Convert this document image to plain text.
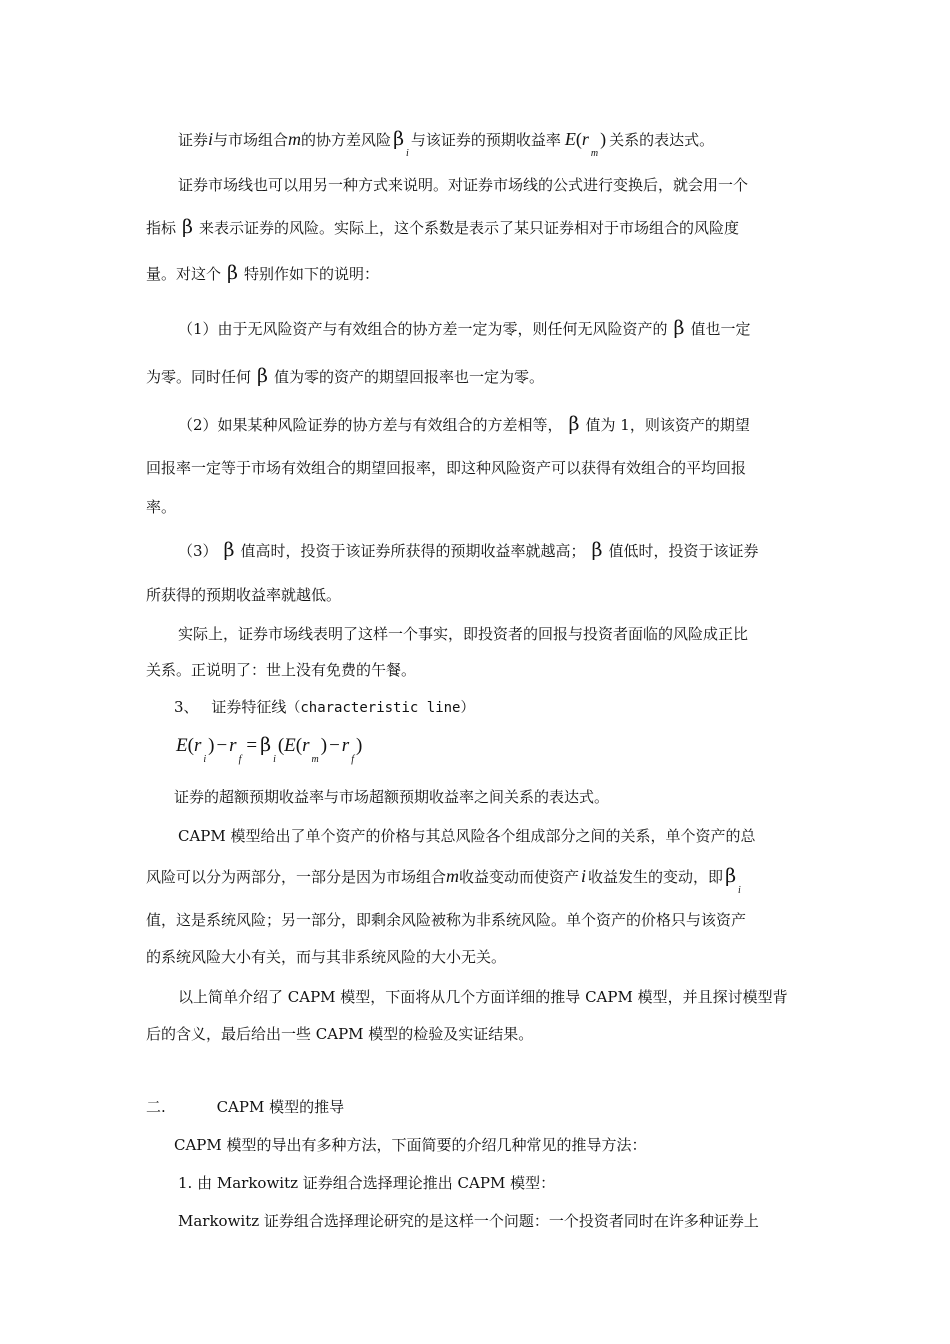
证券i与市场组合m的协方差风险 $\beta_i$与该证券的预期收益率 $E(r_m)$ 关系的表达式。
证券市场线也可以用另一种方式来说明。对证券市场线的公式进行变换后，就会用一个
指标 β 来表示证券的风险。实际上，这个系数是表示了某只证券相对于市场组合的风险度
量。对这个 β 特别作如下的说明：
（1）由于无风险资产与有效组合的协方差一定为零，则任何无风险资产的 β 值也一定
为零。同时任何 β 值为零的资产的期望回报率也一定为零。
（2）如果某种风险证券的协方差与有效组合的方差相等， β 值为 1，则该资产的期望
回报率一定等于市场有效组合的期望回报率，即这种风险资产可以获得有效组合的平均回报
率。
（3） β 值高时，投资于该证券所获得的预期收益率就越高； β 值低时，投资于该证券
所获得的预期收益率就越低。
实际上，证券市场线表明了这样一个事实，即投资者的回报与投资者面临的风险成正比
关系。正说明了：世上没有免费的午餐。
3、 证券特征线（characteristic line）
$E(r_i) - r_f= \beta_i(E(r_m) - r_f)$
证券的超额预期收益率与市场超额预期收益率之间关系的表达式。
CAPM 模型给出了单个资产的价格与其总风险各个组成部分之间的关系，单个资产的总
风险可以分为两部分，一部分是因为市场组合m收益变动而使资产 i 收益发生的变动，即 $\beta_i$
值，这是系统风险；另一部分，即剩余风险被称为非系统风险。单个资产的价格只与该资产
的系统风险大小有关，而与其非系统风险的大小无关。
以上简单介绍了 CAPM 模型，下面将从几个方面详细的推导 CAPM 模型，并且探讨模型背
后的含义，最后给出一些 CAPM 模型的检验及实证结果。
二.	CAPM 模型的推导
CAPM 模型的导出有多种方法，下面简要的介绍几种常见的推导方法：
1. 由 Markowitz 证券组合选择理论推出 CAPM 模型：
Markowitz 证券组合选择理论研究的是这样一个问题：一个投资者同时在许多种证券上
